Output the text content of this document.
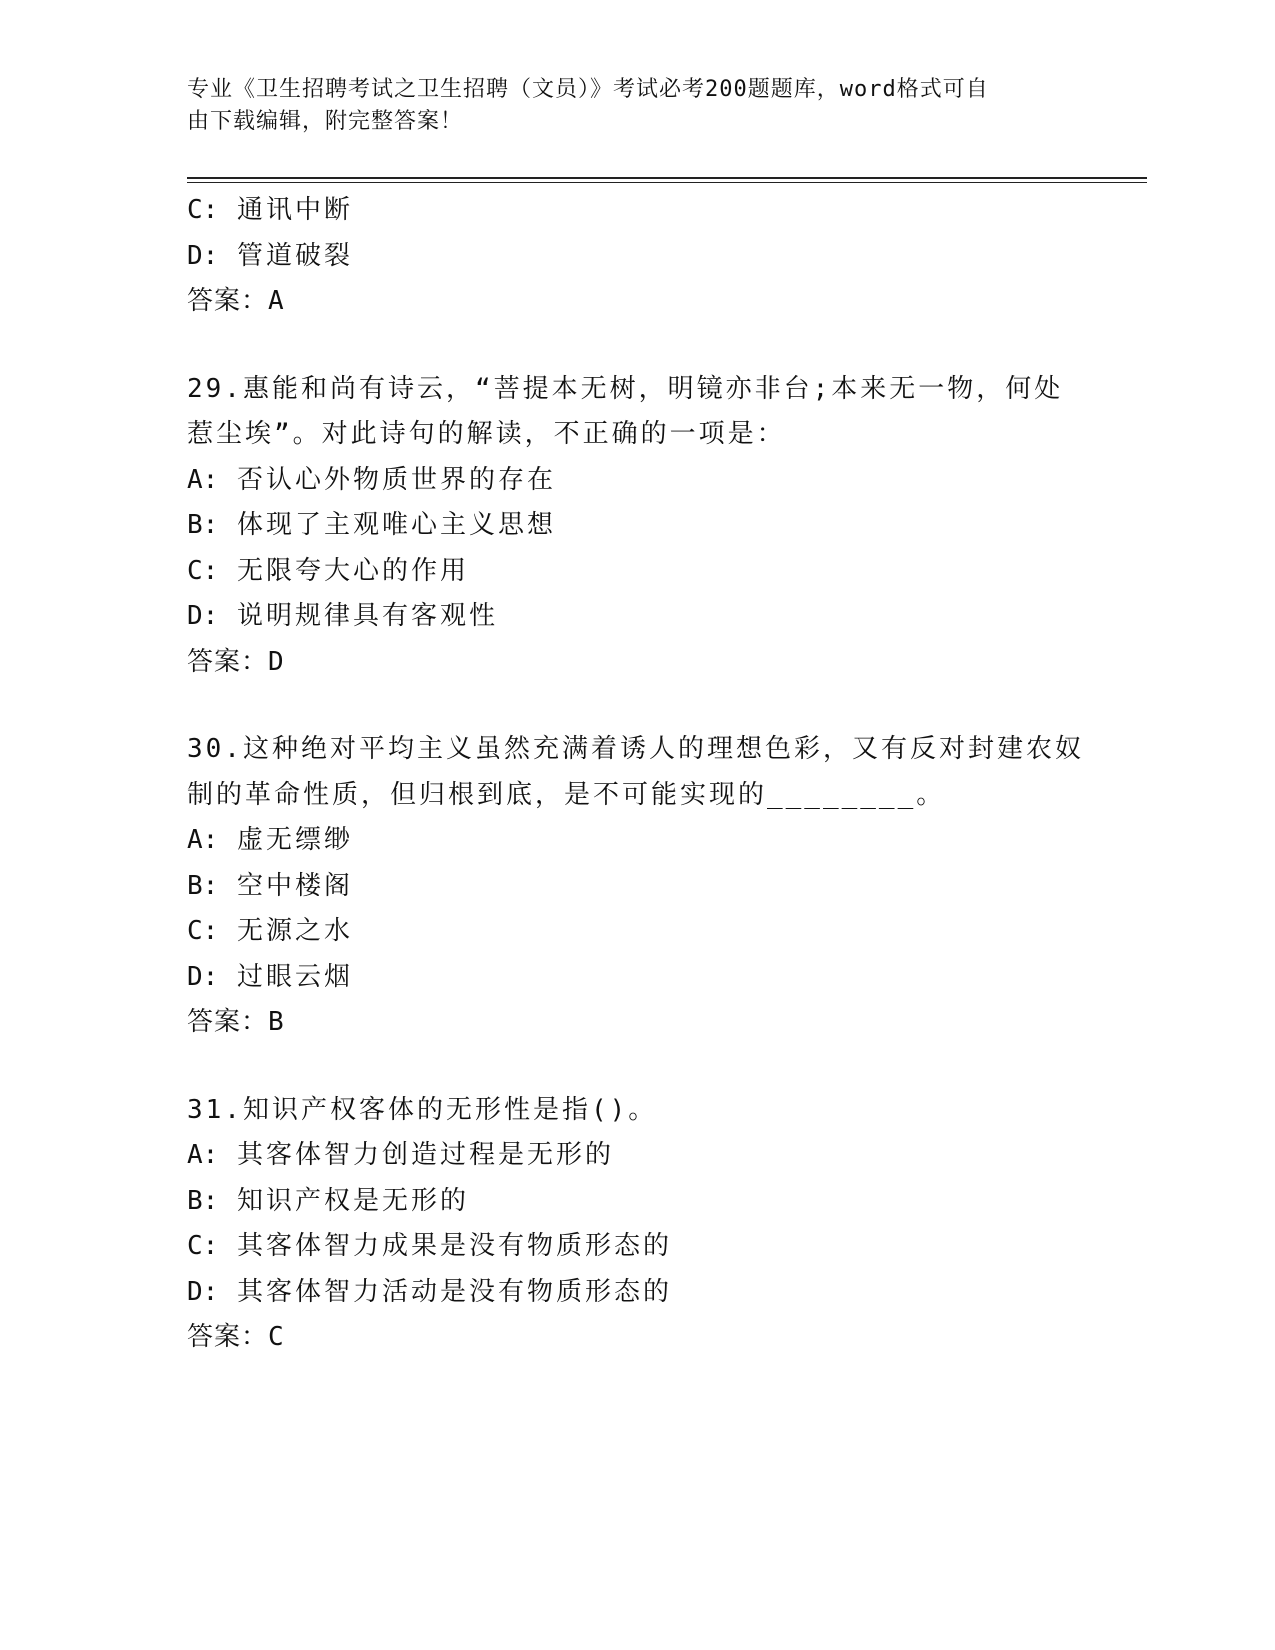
专业《卫生招聘考试之卫生招聘（文员）》考试必考200题题库，word格式可自
由下载编辑，附完整答案！
C: 通讯中断
D: 管道破裂
答案：A
29.惠能和尚有诗云，“菩提本无树，明镜亦非台;本来无一物，何处
惹尘埃”。对此诗句的解读，不正确的一项是：
A: 否认心外物质世界的存在
B: 体现了主观唯心主义思想
C: 无限夸大心的作用
D: 说明规律具有客观性
答案：D
30.这种绝对平均主义虽然充满着诱人的理想色彩，又有反对封建农奴
制的革命性质，但归根到底，是不可能实现的________。
A: 虚无缥缈
B: 空中楼阁
C: 无源之水
D: 过眼云烟
答案：B
31.知识产权客体的无形性是指()。
A: 其客体智力创造过程是无形的
B: 知识产权是无形的
C: 其客体智力成果是没有物质形态的
D: 其客体智力活动是没有物质形态的
答案：C
